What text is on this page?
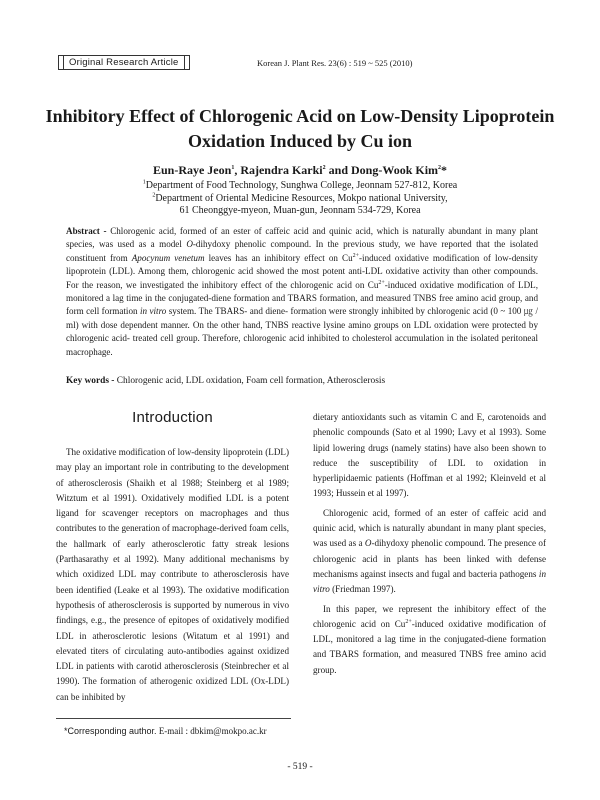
Original Research Article	Korean J. Plant Res. 23(6) : 519 ~ 525 (2010)
Inhibitory Effect of Chlorogenic Acid on Low-Density Lipoprotein
Oxidation Induced by Cu ion
Eun-Raye Jeon$^1$, Rajendra Karki$^2$ and Dong-Wook Kim$^2$*
$^1$Department of Food Technology, Sunghwa College, Jeonnam 527-812, Korea
$^2$Department of Oriental Medicine Resources, Mokpo national University,
61 Cheonggye-myeon, Muan-gun, Jeonnam 534-729, Korea
Abstract - Chlorogenic acid, formed of an ester of caffeic acid and quinic acid, which is naturally abundant in many plant species, was used as a model O-dihydoxy phenolic compound. In the previous study, we have reported that the isolated constituent from Apocynum venetum leaves has an inhibitory effect on $Cu^{2+}$-induced oxidative modification of low-density lipoprotein (LDL). Among them, chlorogenic acid showed the most potent anti-LDL oxidative activity than other compounds. For the reason, we investigated the inhibitory effect of the chlorogenic acid on $Cu^{2+}$-induced oxidative modification of LDL, monitored a lag time in the conjugated-diene formation and TBARS formation, and measured TNBS free amino acid group, and form cell formation in vitro system. The TBARS- and diene- formation were strongly inhibited by chlorogenic acid (0 ~ 100 ㎍ / ml) with dose dependent manner. On the other hand, TNBS reactive lysine amino groups on LDL oxidation were protected by chlorogenic acid- treated cell group. Therefore, chlorogenic acid inhibited to cholesterol accumulation in the isolated peritoneal macrophage.
Key words - Chlorogenic acid, LDL oxidation, Foam cell formation, Atherosclerosis
Introduction

The oxidative modification of low-density lipoprotein (LDL) may play an important role in contributing to the development of atherosclerosis (Shaikh et al 1988; Steinberg et al 1989; Witztum et al 1991). Oxidatively modified LDL is a potent ligand for scavenger receptors on macrophages and thus contributes to the generation of macrophage-derived foam cells, the hallmark of early atherosclerotic fatty streak lesions (Parthasarathy et al 1992). Many additional mechanisms by which oxidized LDL may contribute to atherosclerosis have been identified (Leake et al 1993). The oxidative modification hypothesis of atherosclerosis is supported by numerous in vivo findings, e.g., the presence of epitopes of oxidatively modified LDL in atherosclerotic lesions (Witatum et al 1991) and elevated titers of circulating auto-antibodies against oxidized LDL in patients with carotid atherosclerosis (Steinbrecher et al 1990). The formation of atherogenic oxidized LDL (Ox-LDL) can be inhibited by

dietary antioxidants such as vitamin C and E, carotenoids and phenolic compounds (Sato et al 1990; Lavy et al 1993). Some lipid lowering drugs (namely statins) have also been shown to reduce the susceptibility of LDL to oxidation in hyperlipidaemic patients (Hoffman et al 1992; Kleinveld et al 1993; Hussein et al 1997).

Chlorogenic acid, formed of an ester of caffeic acid and quinic acid, which is naturally abundant in many plant species, was used as a O-dihydoxy phenolic compound. The presence of chlorogenic acid in plants has been linked with defense mechanisms against insects and fugal and bacteria pathogens in vitro (Friedman 1997).

In this paper, we represent the inhibitory effect of the chlorogenic acid on $Cu^{2+}$-induced oxidative modification of LDL, monitored a lag time in the conjugated-diene formation and TBARS formation, and measured TNBS free amino acid group.

*Corresponding author. E-mail : dbkim@mokpo.ac.kr
- 519 -
